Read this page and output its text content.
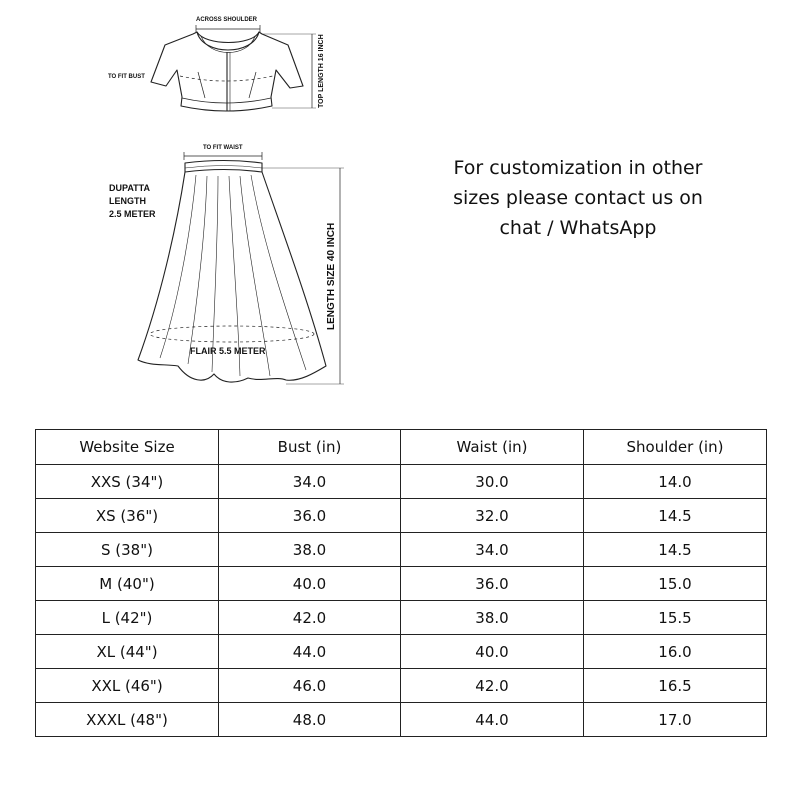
ACROSS SHOULDER
TO FIT BUST	TOP LENGTH 16 INCH
TO FIT WAIST
DUPATTA
LENGTH
2.5 METER
LENGTH SIZE 40 INCH
FLAIR 5.5 METER
For customization in other
sizes please contact us on
chat / WhatsApp
Website Size	Bust (in)	Waist (in)	Shoulder (in)
XXS (34")	34.0	30.0	14.0
XS (36")	36.0	32.0	14.5
S (38")	38.0	34.0	14.5
M (40")	40.0	36.0	15.0
L (42")	42.0	38.0	15.5
XL (44")	44.0	40.0	16.0
XXL (46")	46.0	42.0	16.5
XXXL (48")	48.0	44.0	17.0
